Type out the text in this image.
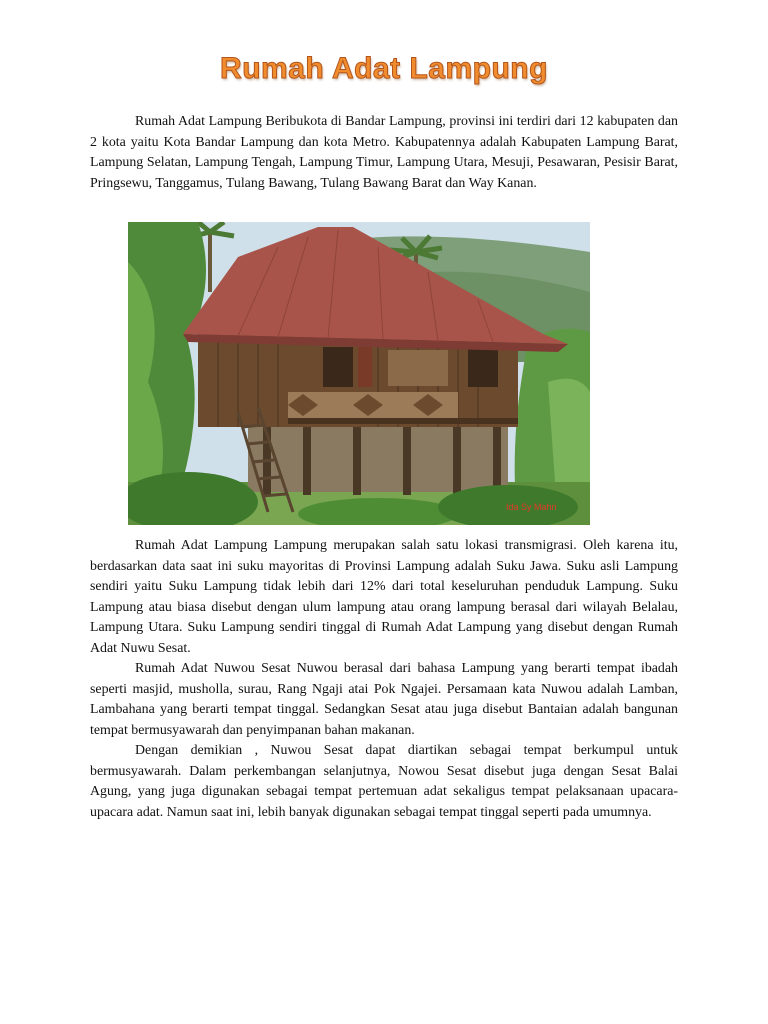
Rumah Adat Lampung

Rumah Adat Lampung Beribukota di Bandar Lampung, provinsi ini terdiri dari 12 kabupaten dan 2 kota yaitu Kota Bandar Lampung dan kota Metro. Kabupatennya adalah Kabupaten Lampung Barat, Lampung Selatan, Lampung Tengah, Lampung Timur, Lampung Utara, Mesuji, Pesawaran, Pesisir Barat, Pringsewu, Tanggamus, Tulang Bawang, Tulang Bawang Barat dan Way Kanan.

Ida Sy Mahri

Rumah Adat Lampung Lampung merupakan salah satu lokasi transmigrasi. Oleh karena itu, berdasarkan data saat ini suku mayoritas di Provinsi Lampung adalah Suku Jawa. Suku asli Lampung sendiri yaitu Suku Lampung tidak lebih dari 12% dari total keseluruhan penduduk Lampung. Suku Lampung atau biasa disebut dengan ulum lampung atau orang lampung berasal dari wilayah Belalau, Lampung Utara. Suku Lampung sendiri tinggal di Rumah Adat Lampung yang disebut dengan Rumah Adat Nuwu Sesat.

Rumah Adat Nuwou Sesat Nuwou berasal dari bahasa Lampung yang berarti tempat ibadah seperti masjid, musholla, surau, Rang Ngaji atai Pok Ngajei. Persamaan kata Nuwou adalah Lamban, Lambahana yang berarti tempat tinggal. Sedangkan Sesat atau juga disebut Bantaian adalah bangunan tempat bermusyawarah dan penyimpanan bahan makanan.

Dengan demikian , Nuwou Sesat dapat diartikan sebagai tempat berkumpul untuk bermusyawarah. Dalam perkembangan selanjutnya, Nowou Sesat disebut juga dengan Sesat Balai Agung, yang juga digunakan sebagai tempat pertemuan adat sekaligus tempat pelaksanaan upacara-upacara adat. Namun saat ini, lebih banyak digunakan sebagai tempat tinggal seperti pada umumnya.
